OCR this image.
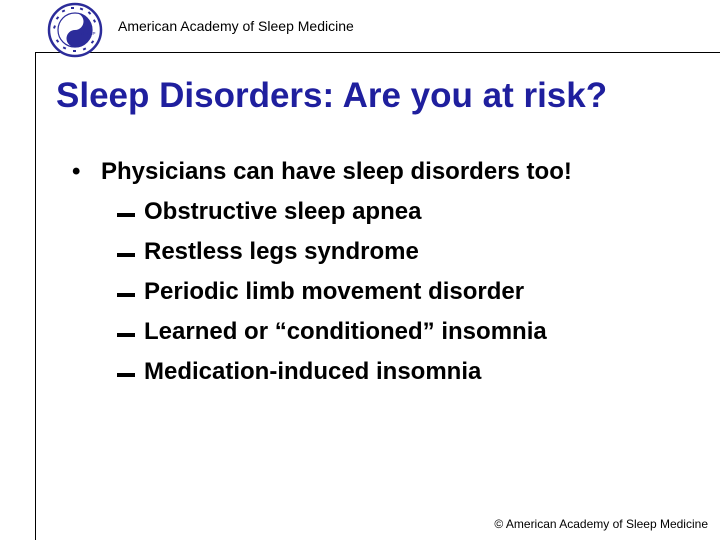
SLEEP American Academy of Sleep Medicine
Sleep Disorders: Are you at risk?
• Physicians can have sleep disorders too!
Obstructive sleep apnea
Restless legs syndrome
Periodic limb movement disorder
Learned or “conditioned” insomnia
Medication-induced insomnia
© American Academy of Sleep Medicine
